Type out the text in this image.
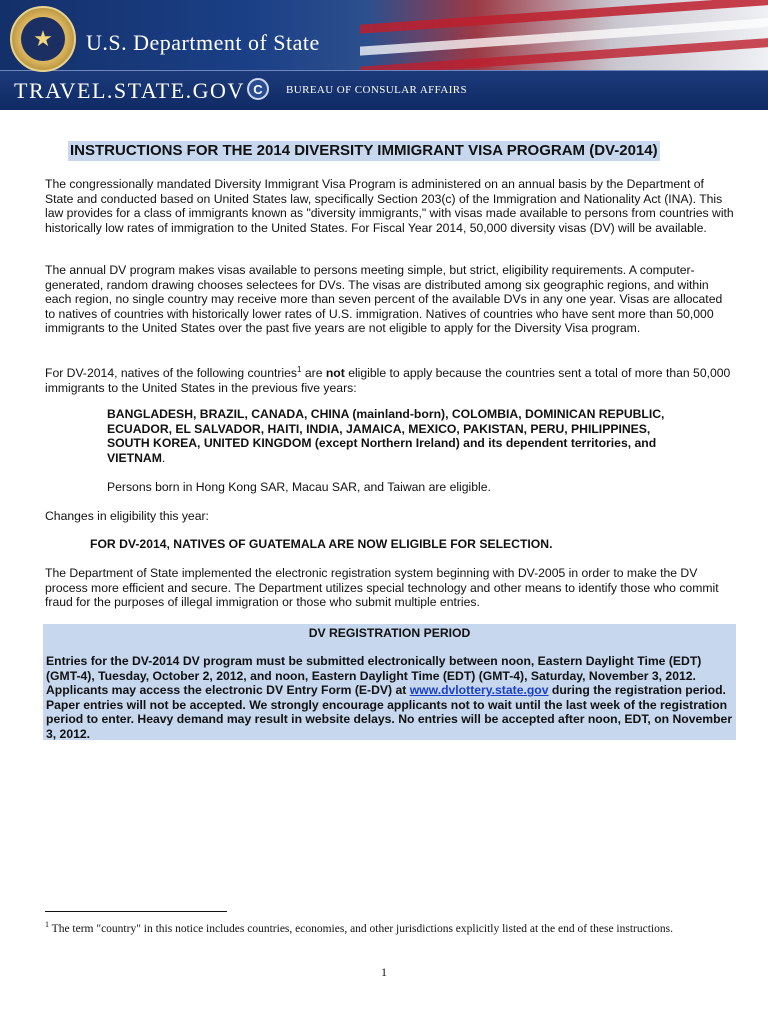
★	U.S. Department of State
TRAVEL.STATE.GOV C	BUREAU OF CONSULAR AFFAIRS
INSTRUCTIONS FOR THE 2014 DIVERSITY IMMIGRANT VISA PROGRAM (DV-2014)

The congressionally mandated Diversity Immigrant Visa Program is administered on an annual basis by the Department of State and conducted based on United States law, specifically Section 203(c) of the Immigration and Nationality Act (INA). This law provides for a class of immigrants known as "diversity immigrants," with visas made available to persons from countries with historically low rates of immigration to the United States. For Fiscal Year 2014, 50,000 diversity visas (DV) will be available.

The annual DV program makes visas available to persons meeting simple, but strict, eligibility requirements. A computer-generated, random drawing chooses selectees for DVs. The visas are distributed among six geographic regions, and within each region, no single country may receive more than seven percent of the available DVs in any one year. Visas are allocated to natives of countries with historically lower rates of U.S. immigration. Natives of countries who have sent more than 50,000 immigrants to the United States over the past five years are not eligible to apply for the Diversity Visa program.

For DV-2014, natives of the following countries$^1$ are not eligible to apply because the countries sent a total of more than 50,000 immigrants to the United States in the previous five years:

BANGLADESH, BRAZIL, CANADA, CHINA (mainland-born), COLOMBIA, DOMINICAN REPUBLIC, ECUADOR, EL SALVADOR, HAITI, INDIA, JAMAICA, MEXICO, PAKISTAN, PERU, PHILIPPINES, SOUTH KOREA, UNITED KINGDOM (except Northern Ireland) and its dependent territories, and VIETNAM.
Persons born in Hong Kong SAR, Macau SAR, and Taiwan are eligible.
Changes in eligibility this year:
FOR DV-2014, NATIVES OF GUATEMALA ARE NOW ELIGIBLE FOR SELECTION.

The Department of State implemented the electronic registration system beginning with DV-2005 in order to make the DV process more efficient and secure. The Department utilizes special technology and other means to identify those who commit fraud for the purposes of illegal immigration or those who submit multiple entries.

DV REGISTRATION PERIOD
Entries for the DV-2014 DV program must be submitted electronically between noon, Eastern Daylight Time (EDT) (GMT-4), Tuesday, October 2, 2012, and noon, Eastern Daylight Time (EDT) (GMT-4), Saturday, November 3, 2012. Applicants may access the electronic DV Entry Form (E-DV) at www.dvlottery.state.gov during the registration period. Paper entries will not be accepted. We strongly encourage applicants not to wait until the last week of the registration period to enter. Heavy demand may result in website delays. No entries will be accepted after noon, EDT, on November 3, 2012.
$^1$ The term "country" in this notice includes countries, economies, and other jurisdictions explicitly listed at the end of these instructions.
1
